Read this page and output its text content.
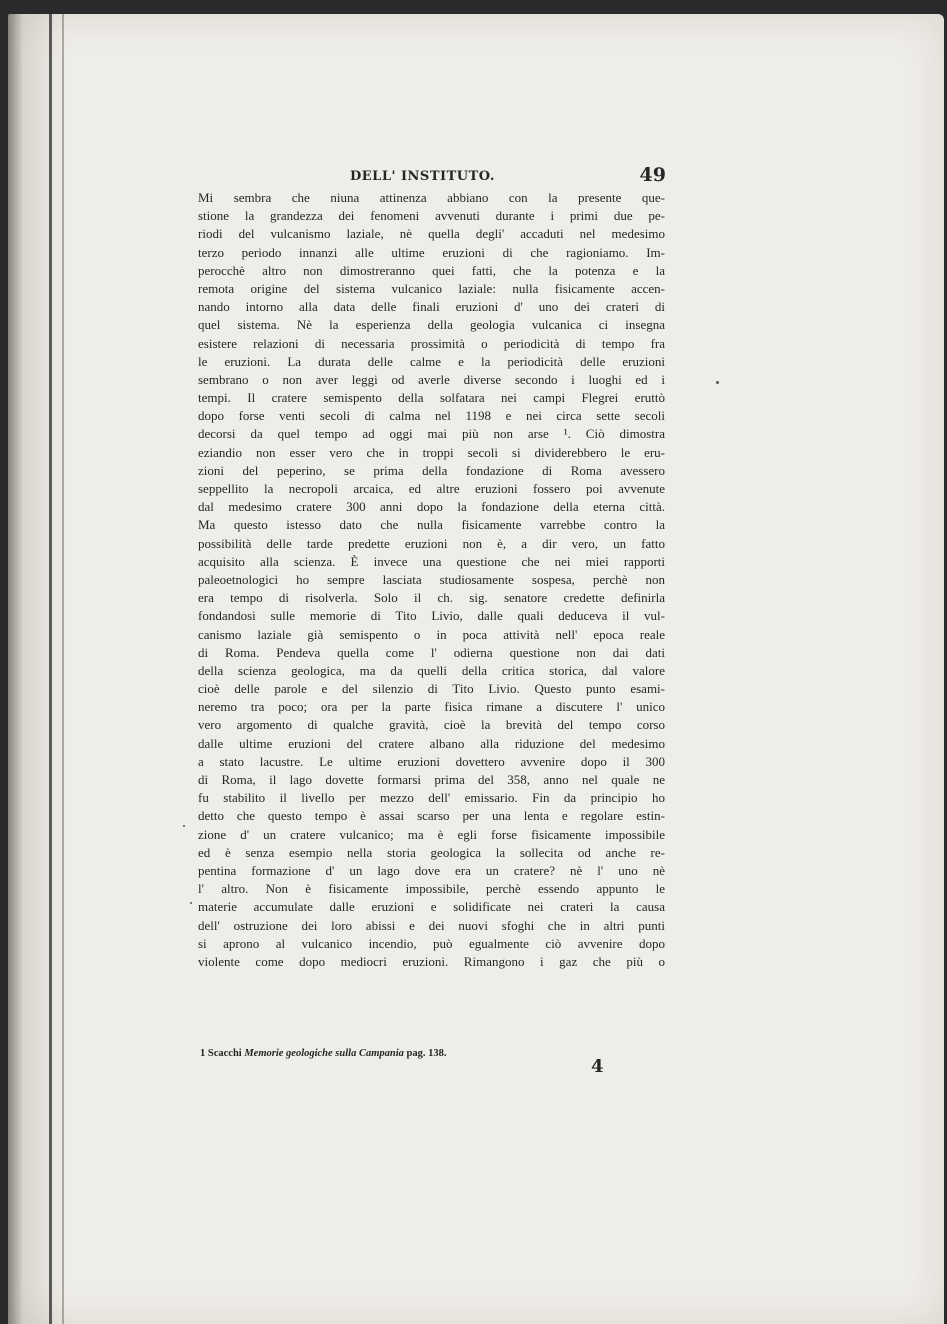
DELL' INSTITUTO.	49
Mi sembra che niuna attinenza abbiano con la presente que-
stione la grandezza dei fenomeni avvenuti durante i primi due pe-
riodi del vulcanismo laziale, nè quella degli' accaduti nel medesimo
terzo periodo innanzi alle ultime eruzioni di che ragioniamo. Im-
perocchè altro non dimostreranno quei fatti, che la potenza e la
remota origine del sistema vulcanico laziale: nulla fisicamente accen-
nando intorno alla data delle finali eruzioni d' uno dei crateri di
quel sistema. Nè la esperienza della geologia vulcanica ci insegna
esistere relazioni di necessaria prossimità o periodicità di tempo fra
le eruzioni. La durata delle calme e la periodicità delle eruzioni
sembrano o non aver leggi od averle diverse secondo i luoghi ed i
tempi. Il cratere semispento della solfatara nei campi Flegrei eruttò
dopo forse venti secoli di calma nel 1198 e nei circa sette secoli
decorsi da quel tempo ad oggi mai più non arse ¹. Ciò dimostra
eziandio non esser vero che in troppi secoli si dividerebbero le eru-
zioni del peperino, se prima della fondazione di Roma avessero
seppellito la necropoli arcaica, ed altre eruzioni fossero poi avvenute
dal medesimo cratere 300 anni dopo la fondazione della eterna città.
Ma questo istesso dato che nulla fisicamente varrebbe contro la
possibilità delle tarde predette eruzioni non è, a dir vero, un fatto
acquisito alla scienza. È invece una questione che nei miei rapporti
paleoetnologici ho sempre lasciata studiosamente sospesa, perchè non
era tempo di risolverla. Solo il ch. sig. senatore credette definirla
fondandosi sulle memorie di Tito Livio, dalle quali deduceva il vul-
canismo laziale già semispento o in poca attività nell' epoca reale
di Roma. Pendeva quella come l' odierna questione non dai dati
della scienza geologica, ma da quelli della critica storica, dal valore
cioè delle parole e del silenzio di Tito Livio. Questo punto esami-
neremo tra poco; ora per la parte fisica rimane a discutere l' unico
vero argomento di qualche gravità, cioè la brevità del tempo corso
dalle ultime eruzioni del cratere albano alla riduzione del medesimo
a stato lacustre. Le ultime eruzioni dovettero avvenire dopo il 300
di Roma, il lago dovette formarsi prima del 358, anno nel quale ne
fu stabilito il livello per mezzo dell' emissario. Fin da principio ho
detto che questo tempo è assai scarso per una lenta e regolare estin-
zione d' un cratere vulcanico; ma è egli forse fisicamente impossibile
ed è senza esempio nella storia geologica la sollecita od anche re-
pentina formazione d' un lago dove era un cratere? nè l' uno nè
l' altro. Non è fisicamente impossibile, perchè essendo appunto le
materie accumulate dalle eruzioni e solidificate nei crateri la causa
dell' ostruzione dei loro abissi e dei nuovi sfoghi che in altri punti
si aprono al vulcanico incendio, può egualmente ciò avvenire dopo
violente come dopo mediocri eruzioni. Rimangono i gaz che più o
1 Scacchi Memorie geologiche sulla Campania pag. 138.
4
